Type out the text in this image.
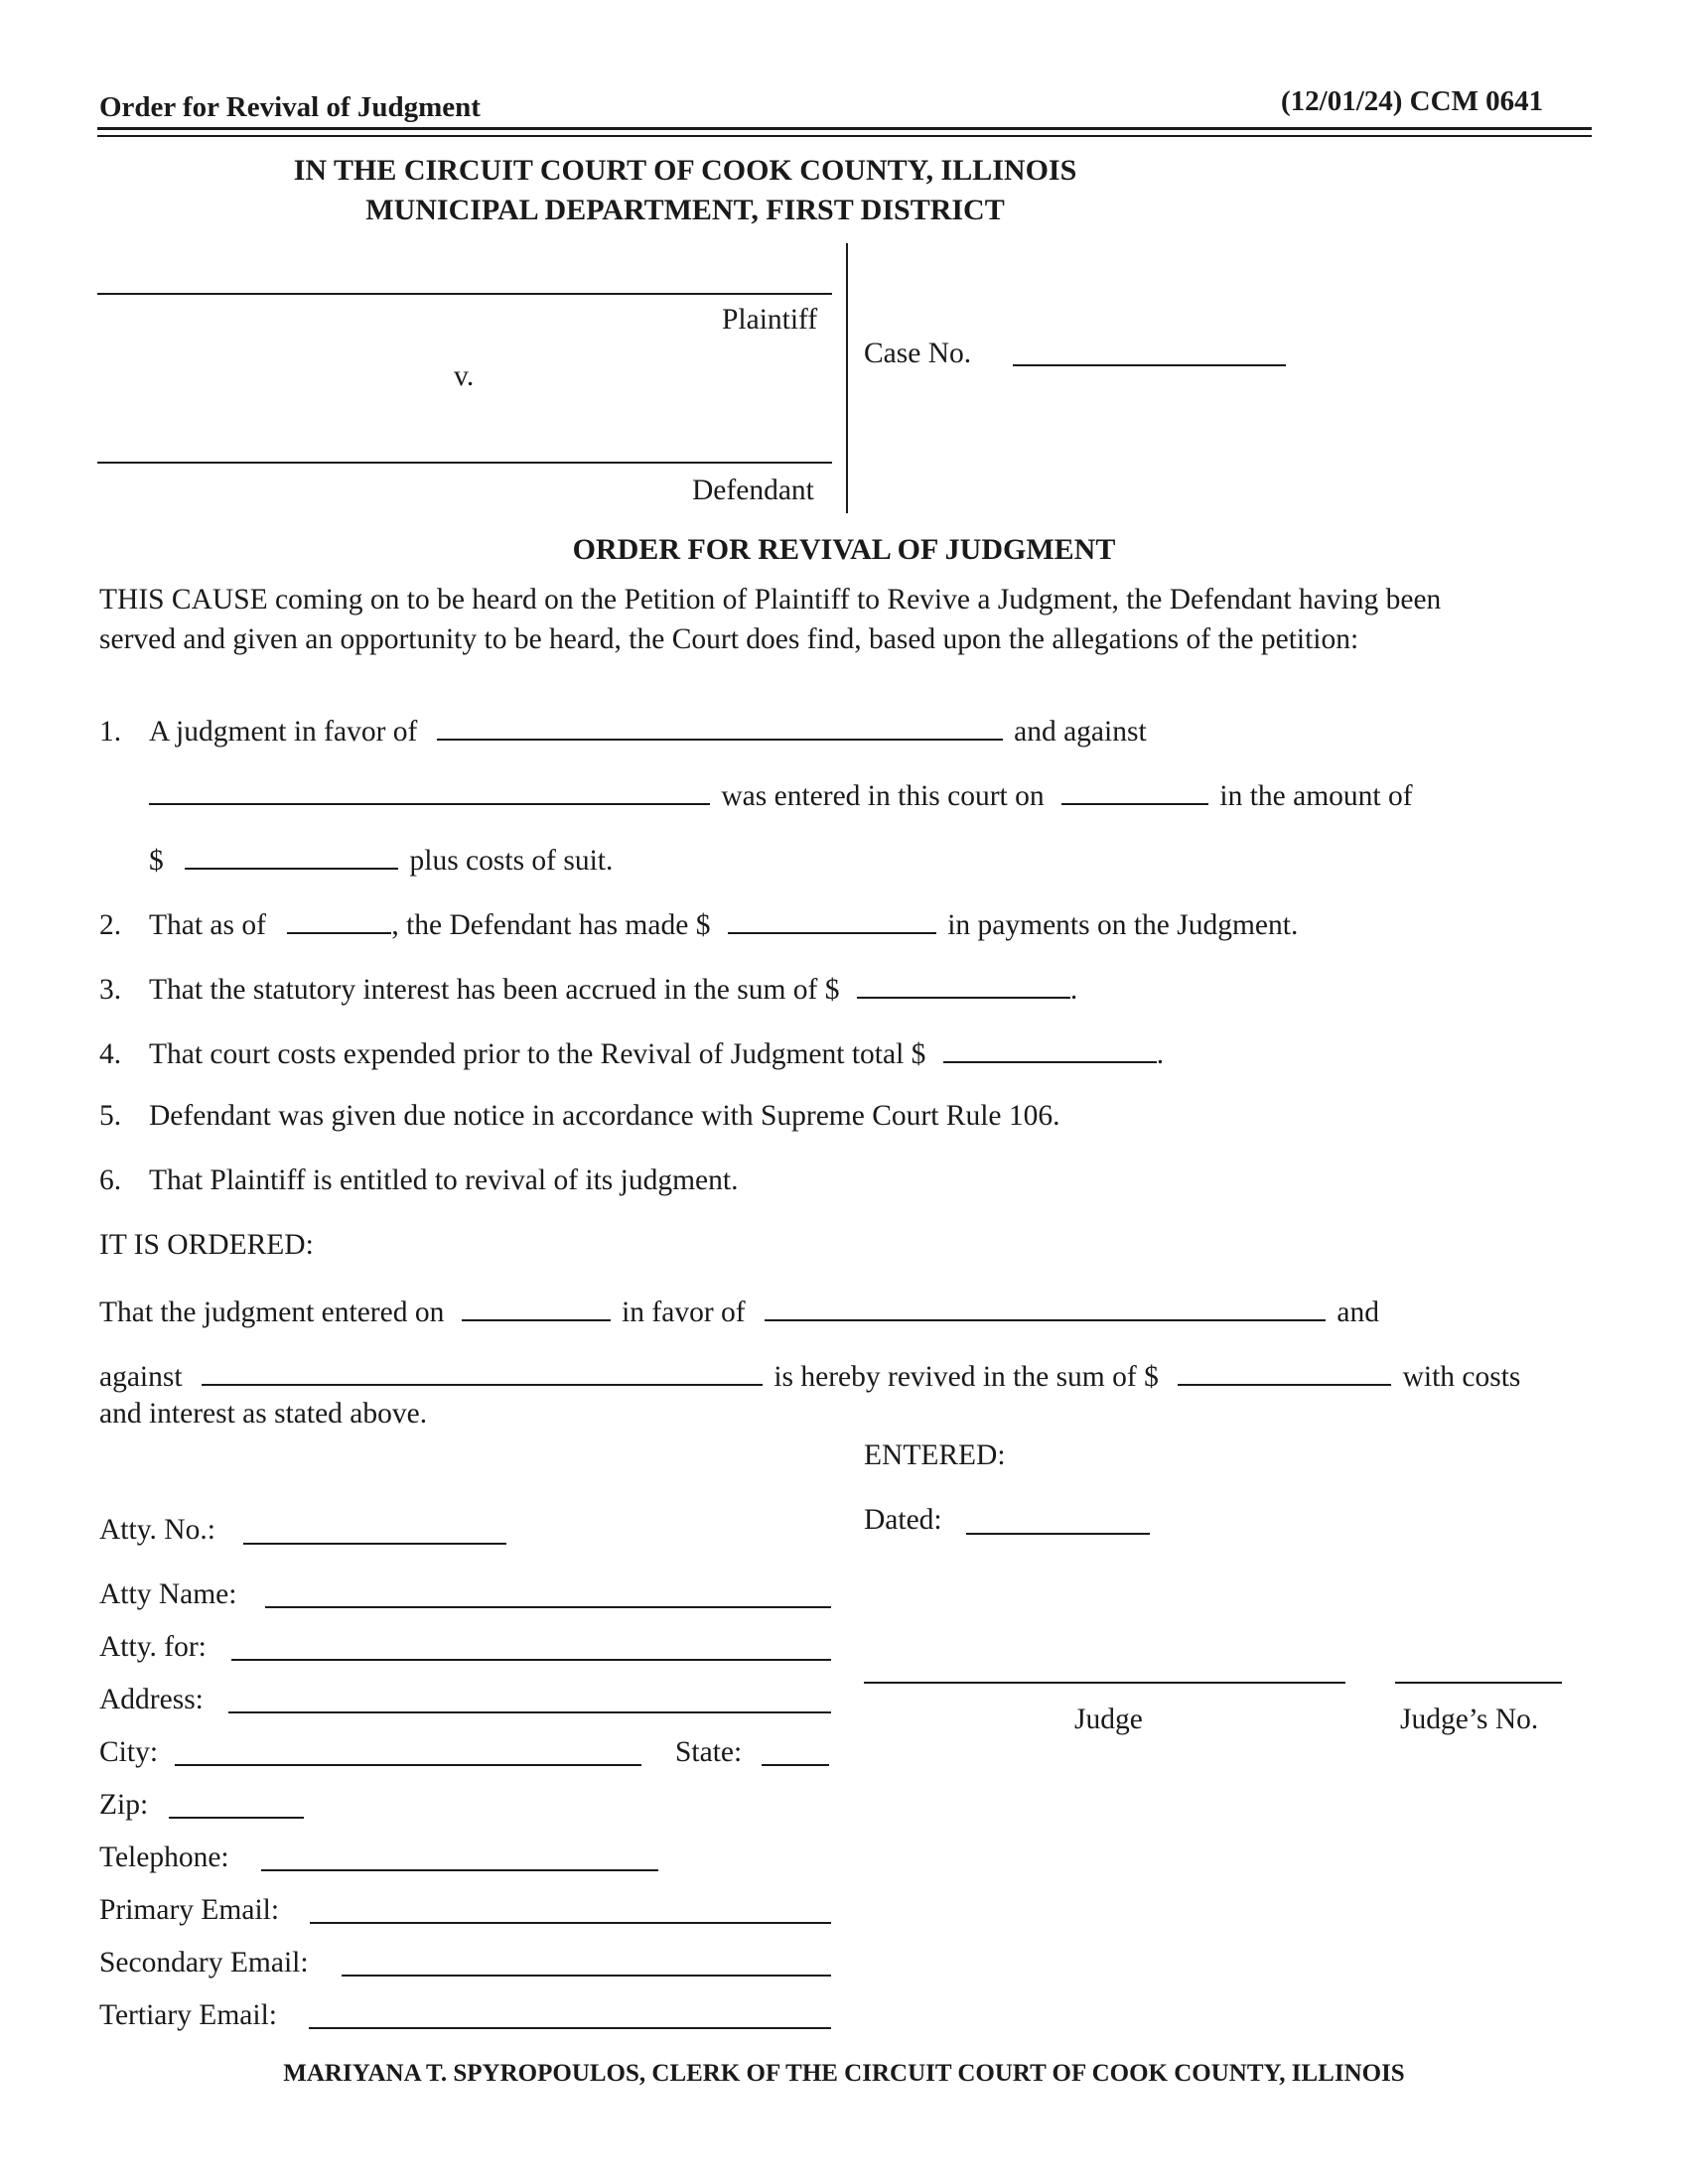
Order for Revival of Judgment	(12/01/24) CCM 0641
IN THE CIRCUIT COURT OF COOK COUNTY, ILLINOIS
MUNICIPAL DEPARTMENT, FIRST DISTRICT
Plaintiff
v.
Defendant
Case No.
ORDER FOR REVIVAL OF JUDGMENT
THIS CAUSE coming on to be heard on the Petition of Plaintiff to Revive a Judgment, the Defendant having been
served and given an opportunity to be heard, the Court does find, based upon the allegations of the petition:
1. A judgment in favor of	and against
was entered in this court on	in the amount of
$	plus costs of suit.
2. That as of	, the Defendant has made $	in payments on the Judgment.
3. That the statutory interest has been accrued in the sum of $	.
4. That court costs expended prior to the Revival of Judgment total $	.
5. Defendant was given due notice in accordance with Supreme Court Rule 106.
6. That Plaintiff is entitled to revival of its judgment.
IT IS ORDERED:
That the judgment entered on	in favor of	and
against	is hereby revived in the sum of $	with costs
and interest as stated above.
ENTERED:
Dated:
Judge	Judge’s No.
Atty. No.:
Atty Name:
Atty. for:
Address:
City:	State:
Zip:
Telephone:
Primary Email:
Secondary Email:
Tertiary Email:
MARIYANA T. SPYROPOULOS, CLERK OF THE CIRCUIT COURT OF COOK COUNTY, ILLINOIS
